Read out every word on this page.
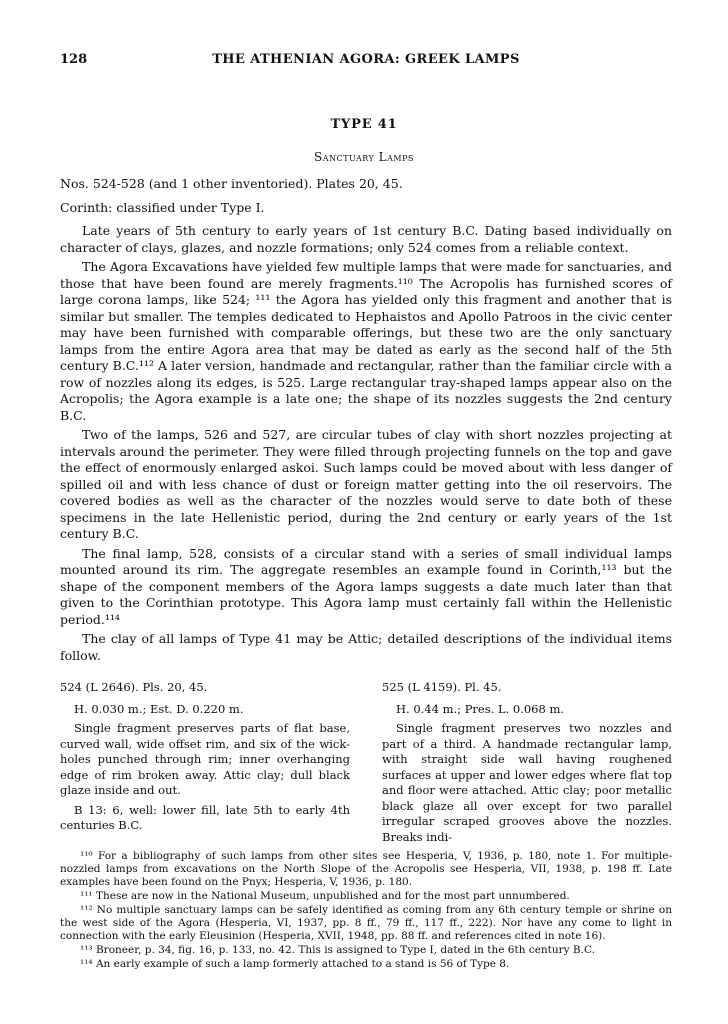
128	THE ATHENIAN AGORA: GREEK LAMPS
TYPE 41
Sanctuary Lamps

Nos. 524-528 (and 1 other inventoried). Plates 20, 45.

Corinth: classified under Type I.

Late years of 5th century to early years of 1st century B.C. Dating based individually on character of clays, glazes, and nozzle formations; only 524 comes from a reliable context.

The Agora Excavations have yielded few multiple lamps that were made for sanctuaries, and those that have been found are merely fragments.¹¹⁰ The Acropolis has furnished scores of large corona lamps, like 524; ¹¹¹ the Agora has yielded only this fragment and another that is similar but smaller. The temples dedicated to Hephaistos and Apollo Patroos in the civic center may have been furnished with comparable offerings, but these two are the only sanctuary lamps from the entire Agora area that may be dated as early as the second half of the 5th century B.C.¹¹² A later version, handmade and rectangular, rather than the familiar circle with a row of nozzles along its edges, is 525. Large rectangular tray-shaped lamps appear also on the Acropolis; the Agora example is a late one; the shape of its nozzles suggests the 2nd century B.C.

Two of the lamps, 526 and 527, are circular tubes of clay with short nozzles projecting at intervals around the perimeter. They were filled through projecting funnels on the top and gave the effect of enormously enlarged askoi. Such lamps could be moved about with less danger of spilled oil and with less chance of dust or foreign matter getting into the oil reservoirs. The covered bodies as well as the character of the nozzles would serve to date both of these specimens in the late Hellenistic period, during the 2nd century or early years of the 1st century B.C.

The final lamp, 528, consists of a circular stand with a series of small individual lamps mounted around its rim. The aggregate resembles an example found in Corinth,¹¹³ but the shape of the component members of the Agora lamps suggests a date much later than that given to the Corinthian prototype. This Agora lamp must certainly fall within the Hellenistic period.¹¹⁴

The clay of all lamps of Type 41 may be Attic; detailed descriptions of the individual items follow.

524 (L 2646). Pls. 20, 45.

H. 0.030 m.; Est. D. 0.220 m.

Single fragment preserves parts of flat base, curved wall, wide offset rim, and six of the wick-holes punched through rim; inner overhanging edge of rim broken away. Attic clay; dull black glaze inside and out.

B 13: 6, well: lower fill, late 5th to early 4th centuries B.C.

525 (L 4159). Pl. 45.

H. 0.44 m.; Pres. L. 0.068 m.

Single fragment preserves two nozzles and part of a third. A handmade rectangular lamp, with straight side wall having roughened surfaces at upper and lower edges where flat top and floor were attached. Attic clay; poor metallic black glaze all over except for two parallel irregular scraped grooves above the nozzles. Breaks indi-

¹¹⁰ For a bibliography of such lamps from other sites see Hesperia, V, 1936, p. 180, note 1. For multiple-nozzled lamps from excavations on the North Slope of the Acropolis see Hesperia, VII, 1938, p. 198 ff. Late examples have been found on the Pnyx; Hesperia, V, 1936, p. 180.

¹¹¹ These are now in the National Museum, unpublished and for the most part unnumbered.

¹¹² No multiple sanctuary lamps can be safely identified as coming from any 6th century temple or shrine on the west side of the Agora (Hesperia, VI, 1937, pp. 8 ff., 79 ff., 117 ff., 222). Nor have any come to light in connection with the early Eleusinion (Hesperia, XVII, 1948, pp. 88 ff. and references cited in note 16).

¹¹³ Broneer, p. 34, fig. 16, p. 133, no. 42. This is assigned to Type I, dated in the 6th century B.C.

¹¹⁴ An early example of such a lamp formerly attached to a stand is 56 of Type 8.
